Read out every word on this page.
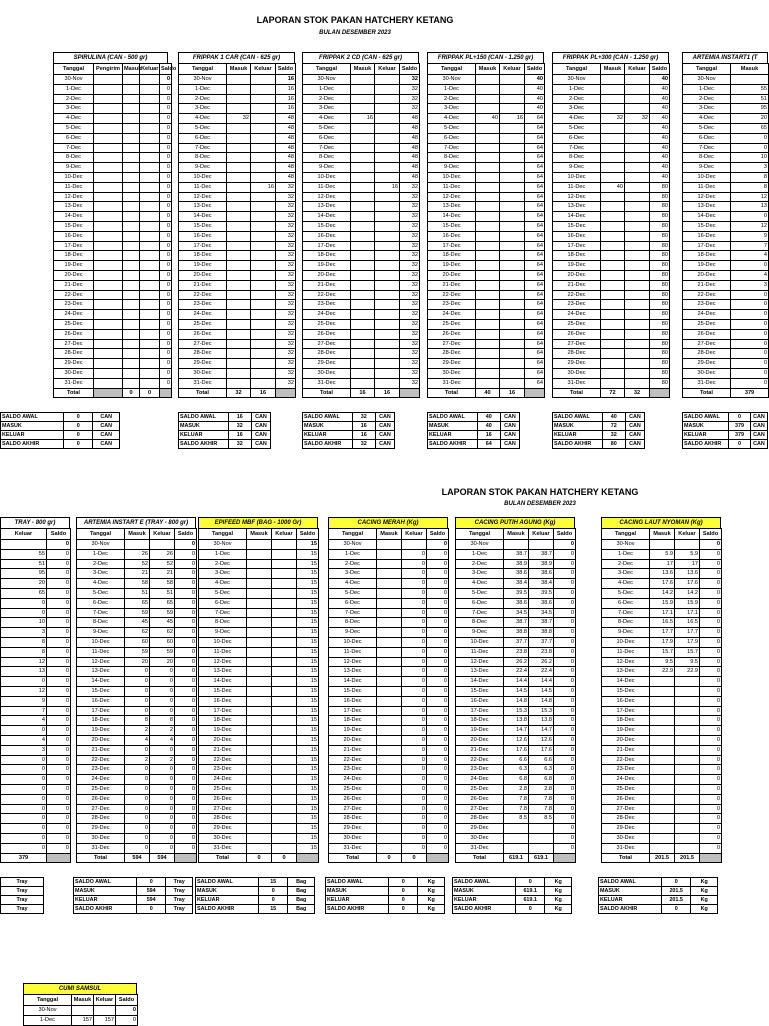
LAPORAN STOK PAKAN HATCHERY KETANG
BULAN DESEMBER 2023
SPIRULINA (CAN - 500 gr)
Tanggal	Pengirim	Masuk	Keluar	Saldo
30-Nov				0
1-Dec				0
2-Dec				0
3-Dec				0
4-Dec				0
5-Dec				0
6-Dec				0
7-Dec				0
8-Dec				0
9-Dec				0
10-Dec				0
11-Dec				0
12-Dec				0
13-Dec				0
14-Dec				0
15-Dec				0
16-Dec				0
17-Dec				0
18-Dec				0
19-Dec				0
20-Dec				0
21-Dec				0
22-Dec				0
23-Dec				0
24-Dec				0
25-Dec				0
26-Dec				0
27-Dec				0
28-Dec				0
29-Dec				0
30-Dec				0
31-Dec				0
Total		0	0	
SALDO AWAL	0	CAN
MASUK	0	CAN
KELUAR	0	CAN
SALDO AKHIR	0	CAN
FRIPPAK 1 CAR (CAN - 625 gr)
Tanggal	Masuk	Keluar	Saldo
30-Nov			16
1-Dec			16
2-Dec			16
3-Dec			16
4-Dec	32		48
5-Dec			48
6-Dec			48
7-Dec			48
8-Dec			48
9-Dec			48
10-Dec			48
11-Dec		16	32
12-Dec			32
13-Dec			32
14-Dec			32
15-Dec			32
16-Dec			32
17-Dec			32
18-Dec			32
19-Dec			32
20-Dec			32
21-Dec			32
22-Dec			32
23-Dec			32
24-Dec			32
25-Dec			32
26-Dec			32
27-Dec			32
28-Dec			32
29-Dec			32
30-Dec			32
31-Dec			32
Total	32	16	
SALDO AWAL	16	CAN
MASUK	32	CAN
KELUAR	16	CAN
SALDO AKHIR	32	CAN
FRIPPAK 2 CD (CAN - 625 gr)
Tanggal	Masuk	Keluar	Saldo
30-Nov			32
1-Dec			32
2-Dec			32
3-Dec			32
4-Dec	16		48
5-Dec			48
6-Dec			48
7-Dec			48
8-Dec			48
9-Dec			48
10-Dec			48
11-Dec		16	32
12-Dec			32
13-Dec			32
14-Dec			32
15-Dec			32
16-Dec			32
17-Dec			32
18-Dec			32
19-Dec			32
20-Dec			32
21-Dec			32
22-Dec			32
23-Dec			32
24-Dec			32
25-Dec			32
26-Dec			32
27-Dec			32
28-Dec			32
29-Dec			32
30-Dec			32
31-Dec			32
Total	16	16	
SALDO AWAL	32	CAN
MASUK	16	CAN
KELUAR	16	CAN
SALDO AKHIR	32	CAN
FRIPPAK PL+150 (CAN - 1.250 gr)
Tanggal	Masuk	Keluar	Saldo
30-Nov			40
1-Dec			40
2-Dec			40
3-Dec			40
4-Dec	40	16	64
5-Dec			64
6-Dec			64
7-Dec			64
8-Dec			64
9-Dec			64
10-Dec			64
11-Dec			64
12-Dec			64
13-Dec			64
14-Dec			64
15-Dec			64
16-Dec			64
17-Dec			64
18-Dec			64
19-Dec			64
20-Dec			64
21-Dec			64
22-Dec			64
23-Dec			64
24-Dec			64
25-Dec			64
26-Dec			64
27-Dec			64
28-Dec			64
29-Dec			64
30-Dec			64
31-Dec			64
Total	40	16	
SALDO AWAL	40	CAN
MASUK	40	CAN
KELUAR	16	CAN
SALDO AKHIR	64	CAN
FRIPPAK PL+300 (CAN - 1.250 gr)
Tanggal	Masuk	Keluar	Saldo
30-Nov			40
1-Dec			40
2-Dec			40
3-Dec			40
4-Dec	32	32	40
5-Dec			40
6-Dec			40
7-Dec			40
8-Dec			40
9-Dec			40
10-Dec			40
11-Dec	40		80
12-Dec			80
13-Dec			80
14-Dec			80
15-Dec			80
16-Dec			80
17-Dec			80
18-Dec			80
19-Dec			80
20-Dec			80
21-Dec			80
22-Dec			80
23-Dec			80
24-Dec			80
25-Dec			80
26-Dec			80
27-Dec			80
28-Dec			80
29-Dec			80
30-Dec			80
31-Dec			80
Total	72	32	
SALDO AWAL	40	CAN
MASUK	72	CAN
KELUAR	32	CAN
SALDO AKHIR	80	CAN
ARTEMIA INSTART1 (T
Tanggal	Masuk
30-Nov	
1-Dec	55
2-Dec	51
3-Dec	95
4-Dec	20
5-Dec	65
6-Dec	0
7-Dec	0
8-Dec	10
9-Dec	3
10-Dec	8
11-Dec	8
12-Dec	12
13-Dec	13
14-Dec	0
15-Dec	12
16-Dec	9
17-Dec	7
18-Dec	4
19-Dec	0
20-Dec	4
21-Dec	3
22-Dec	0
23-Dec	0
24-Dec	0
25-Dec	0
26-Dec	0
27-Dec	0
28-Dec	0
29-Dec	0
30-Dec	0
31-Dec	0
Total	379
SALDO AWAL	0	CAN
MASUK	379	CAN
KELUAR	379	CAN
SALDO AKHIR	0	CAN
LAPORAN STOK PAKAN HATCHERY KETANG
BULAN DESEMBER 2023
TRAY - 800 gr)
Keluar	Saldo
	0
55	0
51	0
95	0
20	0
65	0
0	0
0	0
10	0
3	0
8	0
8	0
12	0
13	0
0	0
12	0
9	0
7	0
4	0
0	0
4	0
3	0
0	0
0	0
0	0
0	0
0	0
0	0
0	0
0	0
0	0
0	0
379	
Tray
Tray
Tray
Tray
ARTEMIA INSTART E (TRAY - 800 gr)
Tanggal	Masuk	Keluar	Saldo
30-Nov			0
1-Dec	26	26	0
2-Dec	52	52	0
3-Dec	21	21	0
4-Dec	58	58	0
5-Dec	51	51	0
6-Dec	65	65	0
7-Dec	59	59	0
8-Dec	45	45	0
9-Dec	62	62	0
10-Dec	60	60	0
11-Dec	59	59	0
12-Dec	20	20	0
13-Dec	0	0	0
14-Dec	0	0	0
15-Dec	0	0	0
16-Dec	0	0	0
17-Dec	0	0	0
18-Dec	8	8	0
19-Dec	2	2	0
20-Dec	4	4	0
21-Dec	0	0	0
22-Dec	2	2	0
23-Dec	0	0	0
24-Dec	0	0	0
25-Dec	0	0	0
26-Dec	0	0	0
27-Dec	0	0	0
28-Dec	0	0	0
29-Dec	0	0	0
30-Dec	0	0	0
31-Dec	0	0	0
Total	594	594	
SALDO AWAL	0	Tray
MASUK	594	Tray
KELUAR	594	Tray
SALDO AKHIR	0	Tray
EPIFEED MBF (BAG - 1000 Gr)
Tanggal	Masuk	Keluar	Saldo
30-Nov			15
1-Dec			15
2-Dec			15
3-Dec			15
4-Dec			15
5-Dec			15
6-Dec			15
7-Dec			15
8-Dec			15
9-Dec			15
10-Dec			15
11-Dec			15
12-Dec			15
13-Dec			15
14-Dec			15
15-Dec			15
16-Dec			15
17-Dec			15
18-Dec			15
19-Dec			15
20-Dec			15
21-Dec			15
22-Dec			15
23-Dec			15
24-Dec			15
25-Dec			15
26-Dec			15
27-Dec			15
28-Dec			15
29-Dec			15
30-Dec			15
31-Dec			15
Total	0	0	
SALDO AWAL	15	Bag
MASUK	0	Bag
KELUAR	0	Bag
SALDO AKHIR	15	Bag
CACING MERAH (Kg)
Tanggal	Masuk	Keluar	Saldo
30-Nov			0
1-Dec		0	0
2-Dec		0	0
3-Dec		0	0
4-Dec		0	0
5-Dec		0	0
6-Dec		0	0
7-Dec		0	0
8-Dec		0	0
9-Dec		0	0
10-Dec		0	0
11-Dec		0	0
12-Dec		0	0
13-Dec		0	0
14-Dec		0	0
15-Dec		0	0
16-Dec		0	0
17-Dec		0	0
18-Dec		0	0
19-Dec		0	0
20-Dec		0	0
21-Dec		0	0
22-Dec		0	0
23-Dec		0	0
24-Dec		0	0
25-Dec		0	0
26-Dec		0	0
27-Dec		0	0
28-Dec		0	0
29-Dec		0	0
30-Dec		0	0
31-Dec		0	0
Total	0	0	
SALDO AWAL	0	Kg
MASUK	0	Kg
KELUAR	0	Kg
SALDO AKHIR	0	Kg
CACING PUTIH AGUNG (Kg)
Tanggal	Masuk	Keluar	Saldo
30-Nov			0
1-Dec	38.7	38.7	0
2-Dec	38.9	38.9	0
3-Dec	38.6	38.6	0
4-Dec	38.4	38.4	0
5-Dec	39.5	39.5	0
6-Dec	38.6	38.6	0
7-Dec	34.5	34.5	0
8-Dec	38.7	38.7	0
9-Dec	38.8	38.8	0
10-Dec	37.7	37.7	0
11-Dec	23.8	23.8	0
12-Dec	26.2	26.2	0
13-Dec	22.4	22.4	0
14-Dec	14.4	14.4	0
15-Dec	14.5	14.5	0
16-Dec	14.8	14.8	0
17-Dec	15.3	15.3	0
18-Dec	13.8	13.8	0
19-Dec	14.7	14.7	0
20-Dec	12.6	12.6	0
21-Dec	17.6	17.6	0
22-Dec	6.6	6.6	0
23-Dec	6.3	6.3	0
24-Dec	6.8	6.8	0
25-Dec	2.8	2.8	0
26-Dec	7.8	7.8	0
27-Dec	7.8	7.8	0
28-Dec	8.5	8.5	0
29-Dec			0
30-Dec			0
31-Dec			0
Total	619.1	619.1	
SALDO AWAL	0	Kg
MASUK	619.1	Kg
KELUAR	619.1	Kg
SALDO AKHIR	0	Kg
CACING LAUT NYOMAN (Kg)
Tanggal	Masuk	Keluar	Saldo
30-Nov			0
1-Dec	5.9	5.9	0
2-Dec	17	17	0
3-Dec	13.6	13.6	0
4-Dec	17.6	17.6	0
5-Dec	14.2	14.2	0
6-Dec	15.9	15.9	0
7-Dec	17.1	17.1	0
8-Dec	16.5	16.5	0
9-Dec	17.7	17.7	0
10-Dec	17.9	17.9	0
11-Dec	15.7	15.7	0
12-Dec	9.5	9.5	0
13-Dec	22.9	22.9	0
14-Dec			0
15-Dec			0
16-Dec			0
17-Dec			0
18-Dec			0
19-Dec			0
20-Dec			0
21-Dec			0
22-Dec			0
23-Dec			0
24-Dec			0
25-Dec			0
26-Dec			0
27-Dec			0
28-Dec			0
29-Dec			0
30-Dec			0
31-Dec			0
Total	201.5	201.5	
SALDO AWAL	0	Kg
MASUK	201.5	Kg
KELUAR	201.5	Kg
SALDO AKHIR	0	Kg
CUMI SAMSUL
Tanggal	Masuk	Keluar	Saldo
30-Nov			0
1-Dec	157	157	0
